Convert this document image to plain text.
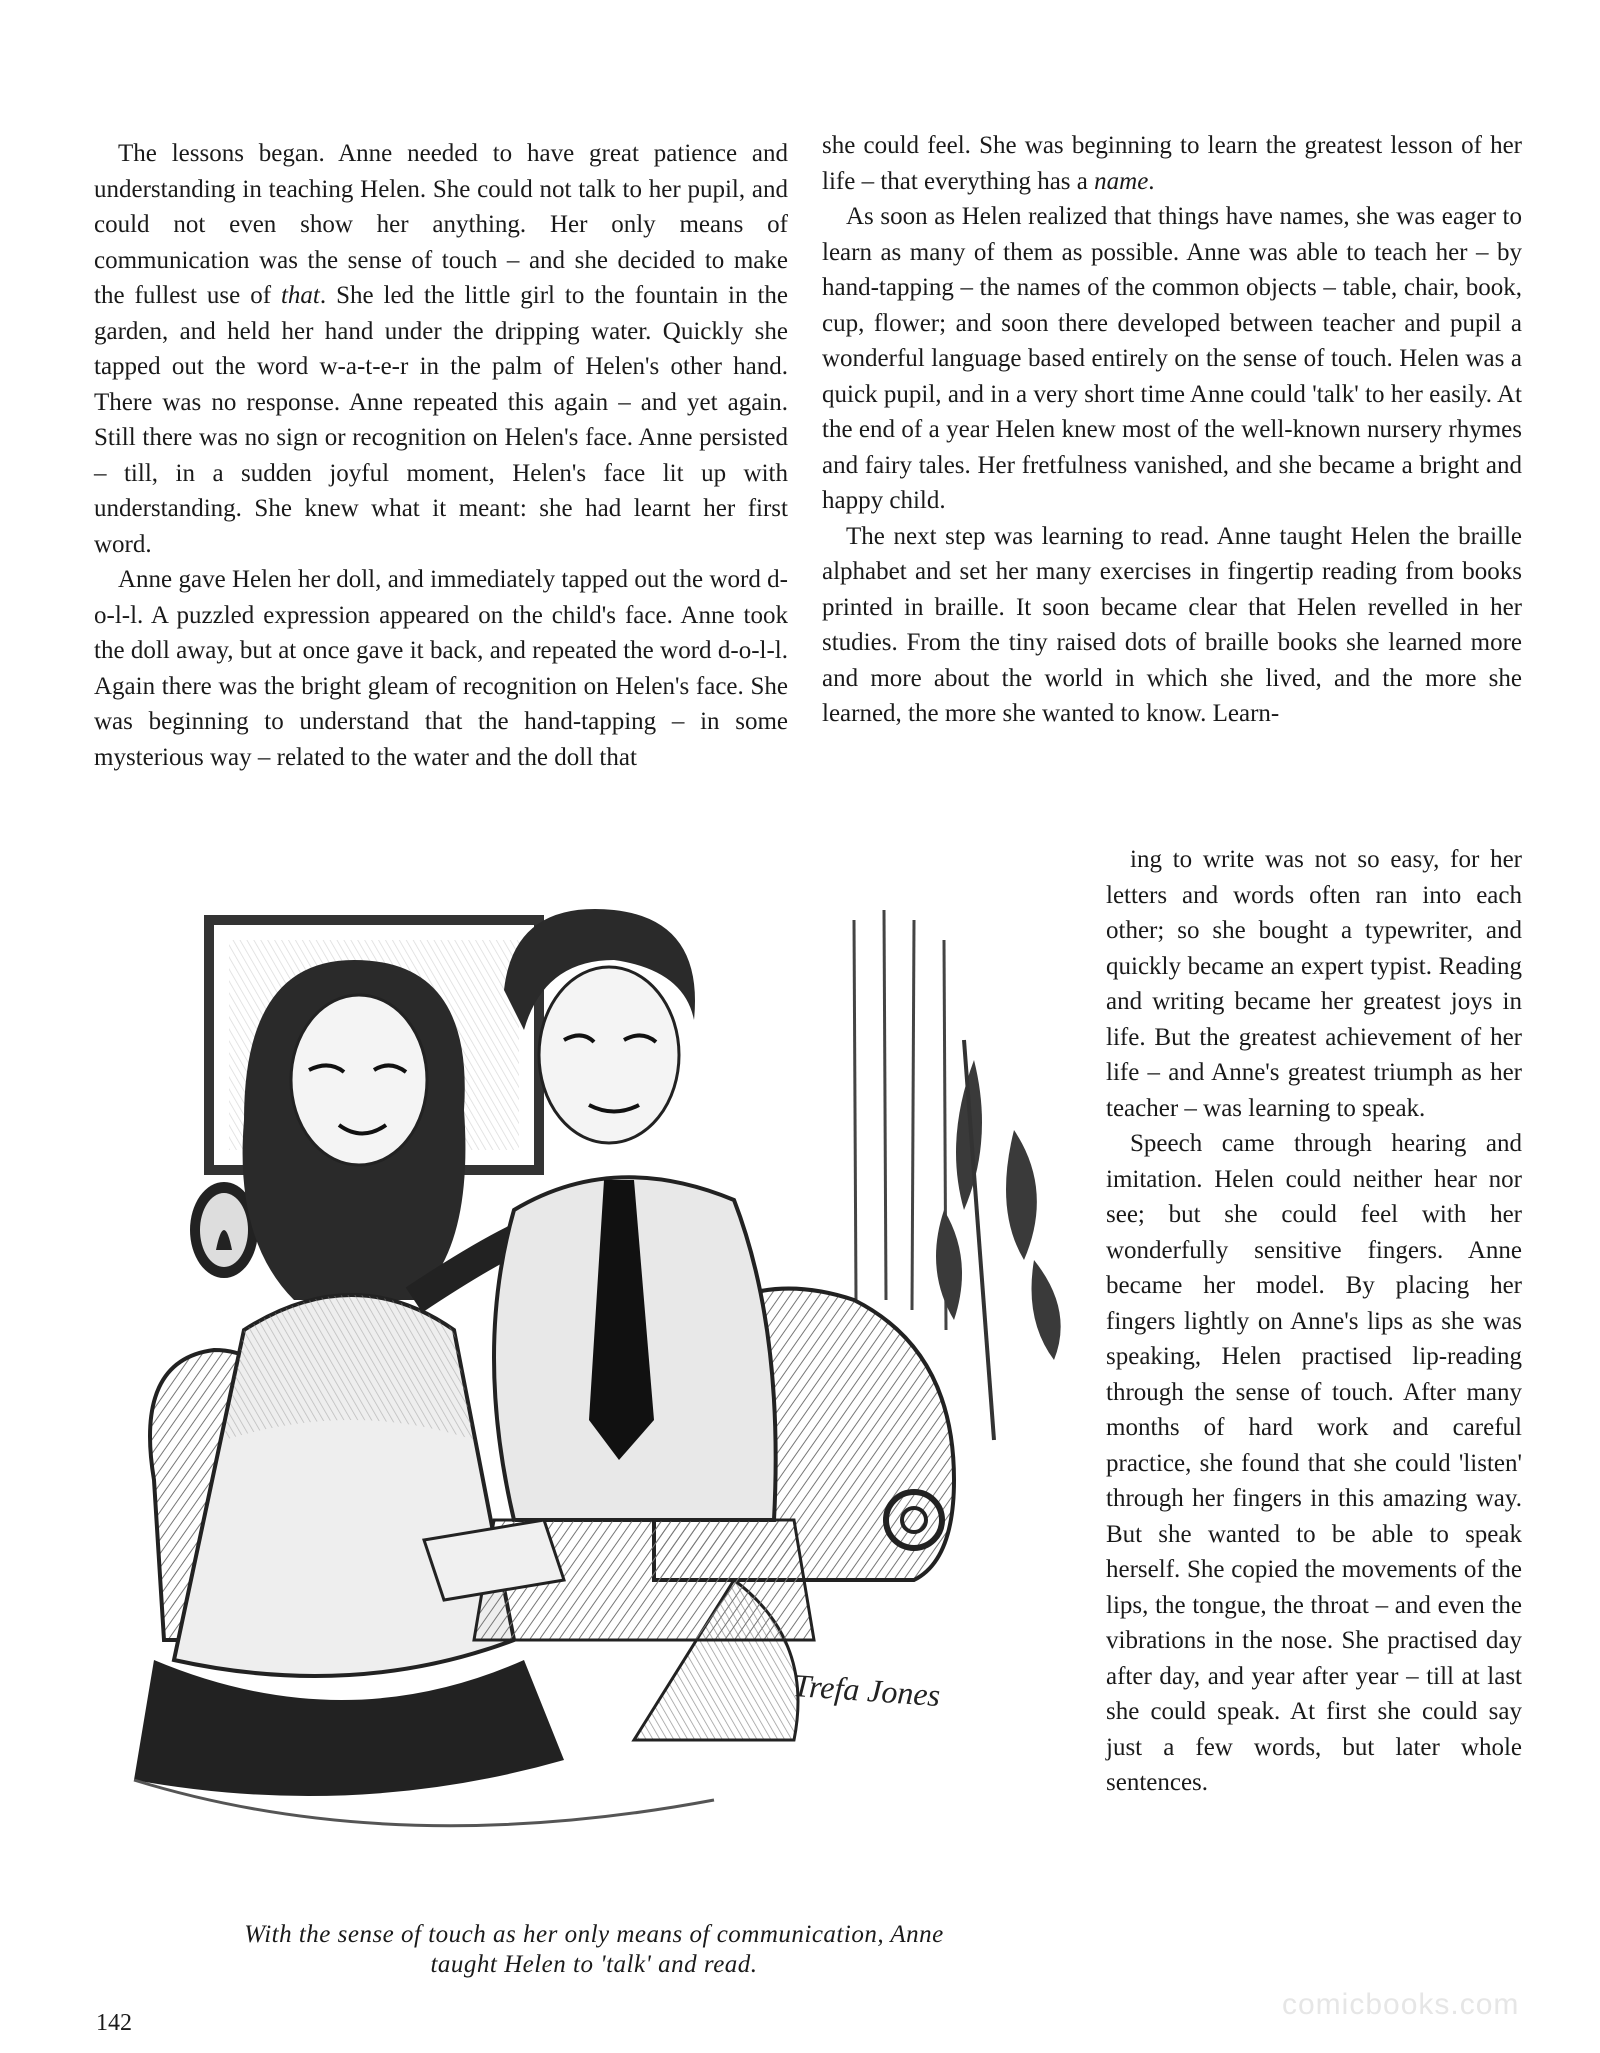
The lessons began. Anne needed to have great patience and understanding in teaching Helen. She could not talk to her pupil, and could not even show her anything. Her only means of communication was the sense of touch – and she decided to make the fullest use of that. She led the little girl to the fountain in the garden, and held her hand under the dripping water. Quickly she tapped out the word w-a-t-e-r in the palm of Helen's other hand. There was no response. Anne repeated this again – and yet again. Still there was no sign or recognition on Helen's face. Anne persisted – till, in a sudden joyful moment, Helen's face lit up with understanding. She knew what it meant: she had learnt her first word.

Anne gave Helen her doll, and immediately tapped out the word d-o-l-l. A puzzled expression appeared on the child's face. Anne took the doll away, but at once gave it back, and repeated the word d-o-l-l. Again there was the bright gleam of recognition on Helen's face. She was beginning to understand that the hand-tapping – in some mysterious way – related to the water and the doll that

she could feel. She was beginning to learn the greatest lesson of her life – that everything has a name.

As soon as Helen realized that things have names, she was eager to learn as many of them as possible. Anne was able to teach her – by hand-tapping – the names of the common objects – table, chair, book, cup, flower; and soon there developed between teacher and pupil a wonderful language based entirely on the sense of touch. Helen was a quick pupil, and in a very short time Anne could 'talk' to her easily. At the end of a year Helen knew most of the well-known nursery rhymes and fairy tales. Her fretfulness vanished, and she became a bright and happy child.

The next step was learning to read. Anne taught Helen the braille alphabet and set her many exercises in fingertip reading from books printed in braille. It soon became clear that Helen revelled in her studies. From the tiny raised dots of braille books she learned more and more about the world in which she lived, and the more she learned, the more she wanted to know. Learn-

ing to write was not so easy, for her letters and words often ran into each other; so she bought a typewriter, and quickly became an expert typist. Reading and writing became her greatest joys in life. But the greatest achievement of her life – and Anne's greatest triumph as her teacher – was learning to speak.

Speech came through hearing and imitation. Helen could neither hear nor see; but she could feel with her wonderfully sensitive fingers. Anne became her model. By placing her fingers lightly on Anne's lips as she was speaking, Helen practised lip-reading through the sense of touch. After many months of hard work and careful practice, she found that she could 'listen' through her fingers in this amazing way. But she wanted to be able to speak herself. She copied the movements of the lips, the tongue, the throat – and even the vibrations in the nose. She practised day after day, and year after year – till at last she could speak. At first she could say just a few words, but later whole sentences.

Trefa Jones
With the sense of touch as her only means of communication, Anne
taught Helen to 'talk' and read.
142
comicbooks.com
